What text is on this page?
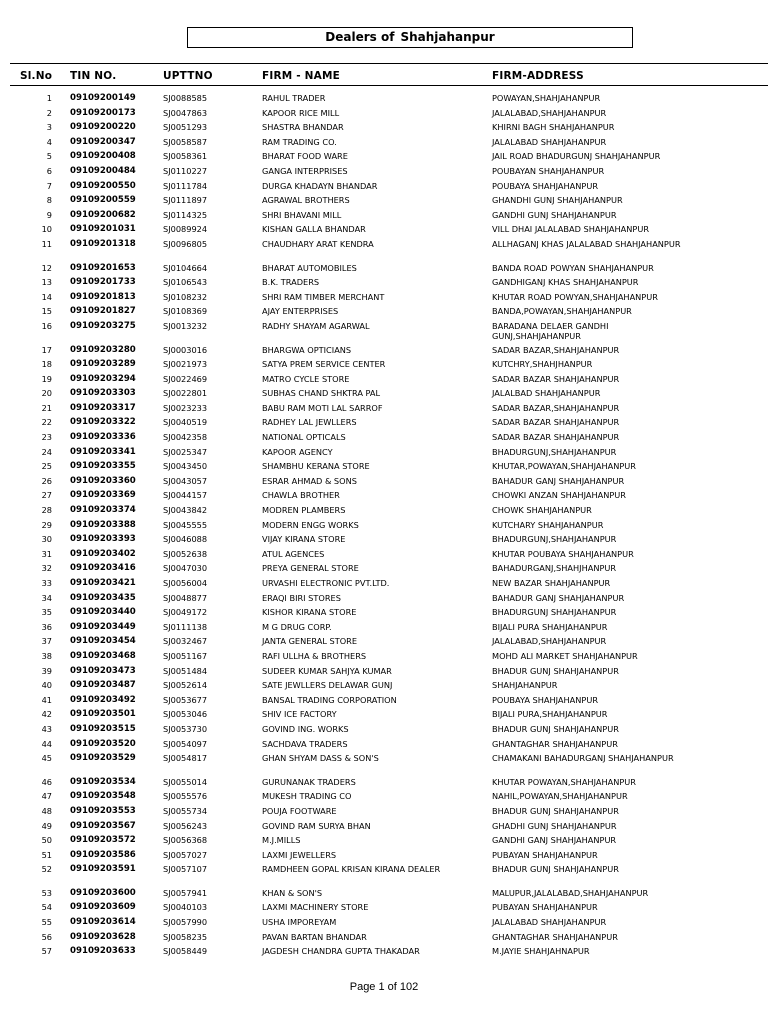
Dealers of Shahjahanpur
Sl.No TIN NO.	UPTTNO	FIRM - NAME	FIRM-ADDRESS
1 09109200149	SJ0088585	RAHUL TRADER	POWAYAN,SHAHJAHANPUR
2 09109200173	SJ0047863	KAPOOR RICE MILL	JALALABAD,SHAHJAHANPUR
3 09109200220	SJ0051293	SHASTRA BHANDAR	KHIRNI BAGH SHAHJAHANPUR
4 09109200347	SJ0058587	RAM TRADING CO.	JALALABAD SHAHJAHANPUR
5 09109200408	SJ0058361	BHARAT FOOD WARE	JAIL ROAD BHADURGUNJ SHAHJAHANPUR
6 09109200484	SJ0110227	GANGA INTERPRISES	POUBAYAN SHAHJAHANPUR
7 09109200550	SJ0111784	DURGA KHADAYN BHANDAR	POUBAYA SHAHJAHANPUR
8 09109200559	SJ0111897	AGRAWAL BROTHERS	GHANDHI GUNJ SHAHJAHANPUR
9 09109200682	SJ0114325	SHRI BHAVANI MILL	GANDHI GUNJ SHAHJAHANPUR
10 09109201031	SJ0089924	KISHAN GALLA BHANDAR	VILL DHAI JALALABAD SHAHJAHANPUR
11 09109201318	SJ0096805	CHAUDHARY ARAT KENDRA	ALLHAGANJ KHAS JALALABAD SHAHJAHANPUR
12 09109201653	SJ0104664	BHARAT AUTOMOBILES	BANDA ROAD POWYAN SHAHJAHANPUR
13 09109201733	SJ0106543	B.K. TRADERS	GANDHIGANJ KHAS SHAHJAHANPUR
14 09109201813	SJ0108232	SHRI RAM TIMBER MERCHANT	KHUTAR ROAD POWYAN,SHAHJAHANPUR
15 09109201827	SJ0108369	AJAY ENTERPRISES	BANDA,POWAYAN,SHAHJAHANPUR
16 09109203275	SJ0013232	RADHY SHAYAM AGARWAL	BARADANA DELAER GANDHI GUNJ,SHAHJAHANPUR
17 09109203280	SJ0003016	BHARGWA OPTICIANS	SADAR BAZAR,SHAHJAHANPUR
18 09109203289	SJ0021973	SATYA PREM SERVICE CENTER	KUTCHRY,SHAHJHANPUR
19 09109203294	SJ0022469	MATRO CYCLE STORE	SADAR BAZAR SHAHJAHANPUR
20 09109203303	SJ0022801	SUBHAS CHAND SHKTRA PAL	JALALBAD SHAHJAHANPUR
21 09109203317	SJ0023233	BABU RAM MOTI LAL SARROF	SADAR BAZAR,SHAHJAHANPUR
22 09109203322	SJ0040519	RADHEY LAL JEWLLERS	SADAR BAZAR SHAHJAHANPUR
23 09109203336	SJ0042358	NATIONAL OPTICALS	SADAR BAZAR SHAHJAHANPUR
24 09109203341	SJ0025347	KAPOOR AGENCY	BHADURGUNJ,SHAHJAHANPUR
25 09109203355	SJ0043450	SHAMBHU KERANA STORE	KHUTAR,POWAYAN,SHAHJAHANPUR
26 09109203360	SJ0043057	ESRAR AHMAD & SONS	BAHADUR GANJ SHAHJAHANPUR
27 09109203369	SJ0044157	CHAWLA BROTHER	CHOWKI ANZAN SHAHJAHANPUR
28 09109203374	SJ0043842	MODREN PLAMBERS	CHOWK SHAHJAHANPUR
29 09109203388	SJ0045555	MODERN ENGG WORKS	KUTCHARY SHAHJAHANPUR
30 09109203393	SJ0046088	VIJAY KIRANA STORE	BHADURGUNJ,SHAHJAHANPUR
31 09109203402	SJ0052638	ATUL AGENCES	KHUTAR POUBAYA SHAHJAHANPUR
32 09109203416	SJ0047030	PREYA GENERAL STORE	BAHADURGANJ,SHAHJHANPUR
33 09109203421	SJ0056004	URVASHI ELECTRONIC PVT.LTD.	NEW BAZAR SHAHJAHANPUR
34 09109203435	SJ0048877	ERAQI BIRI STORES	BAHADUR GANJ SHAHJAHANPUR
35 09109203440	SJ0049172	KISHOR KIRANA STORE	BHADURGUNJ SHAHJAHANPUR
36 09109203449	SJ0111138	M G DRUG CORP.	BIJALI PURA SHAHJAHANPUR
37 09109203454	SJ0032467	JANTA GENERAL STORE	JALALABAD,SHAHJAHANPUR
38 09109203468	SJ0051167	RAFI ULLHA & BROTHERS	MOHD ALI MARKET SHAHJAHANPUR
39 09109203473	SJ0051484	SUDEER KUMAR SAHJYA KUMAR	BHADUR GUNJ SHAHJAHANPUR
40 09109203487	SJ0052614	SATE JEWLLERS DELAWAR GUNJ	SHAHJAHANPUR
41 09109203492	SJ0053677	BANSAL TRADING CORPORATION	POUBAYA SHAHJAHANPUR
42 09109203501	SJ0053046	SHIV ICE FACTORY	BIJALI PURA,SHAHJAHANPUR
43 09109203515	SJ0053730	GOVIND ING. WORKS	BHADUR GUNJ SHAHJAHANPUR
44 09109203520	SJ0054097	SACHDAVA TRADERS	GHANTAGHAR SHAHJAHANPUR
45 09109203529	SJ0054817	GHAN SHYAM DASS & SON'S	CHAMAKANI BAHADURGANJ SHAHJAHANPUR
46 09109203534	SJ0055014	GURUNANAK TRADERS	KHUTAR POWAYAN,SHAHJAHANPUR
47 09109203548	SJ0055576	MUKESH TRADING CO	NAHIL,POWAYAN,SHAHJAHANPUR
48 09109203553	SJ0055734	POUJA FOOTWARE	BHADUR GUNJ SHAHJAHANPUR
49 09109203567	SJ0056243	GOVIND RAM SURYA BHAN	GHADHI GUNJ SHAHJAHANPUR
50 09109203572	SJ0056368	M.J.MILLS	GANDHI GANJ SHAHJAHANPUR
51 09109203586	SJ0057027	LAXMI JEWELLERS	PUBAYAN SHAHJAHANPUR
52 09109203591	SJ0057107	RAMDHEEN GOPAL KRISAN KIRANA DEALER	BHADUR GUNJ SHAHJAHANPUR
53 09109203600	SJ0057941	KHAN & SON'S	MALUPUR,JALALABAD,SHAHJAHANPUR
54 09109203609	SJ0040103	LAXMI MACHINERY STORE	PUBAYAN SHAHJAHANPUR
55 09109203614	SJ0057990	USHA IMPOREYAM	JALALABAD SHAHJAHANPUR
56 09109203628	SJ0058235	PAVAN BARTAN BHANDAR	GHANTAGHAR SHAHJAHANPUR
57 09109203633	SJ0058449	JAGDESH CHANDRA GUPTA THAKADAR	M.JAYIE SHAHJAHNAPUR
Page 1 of 102
